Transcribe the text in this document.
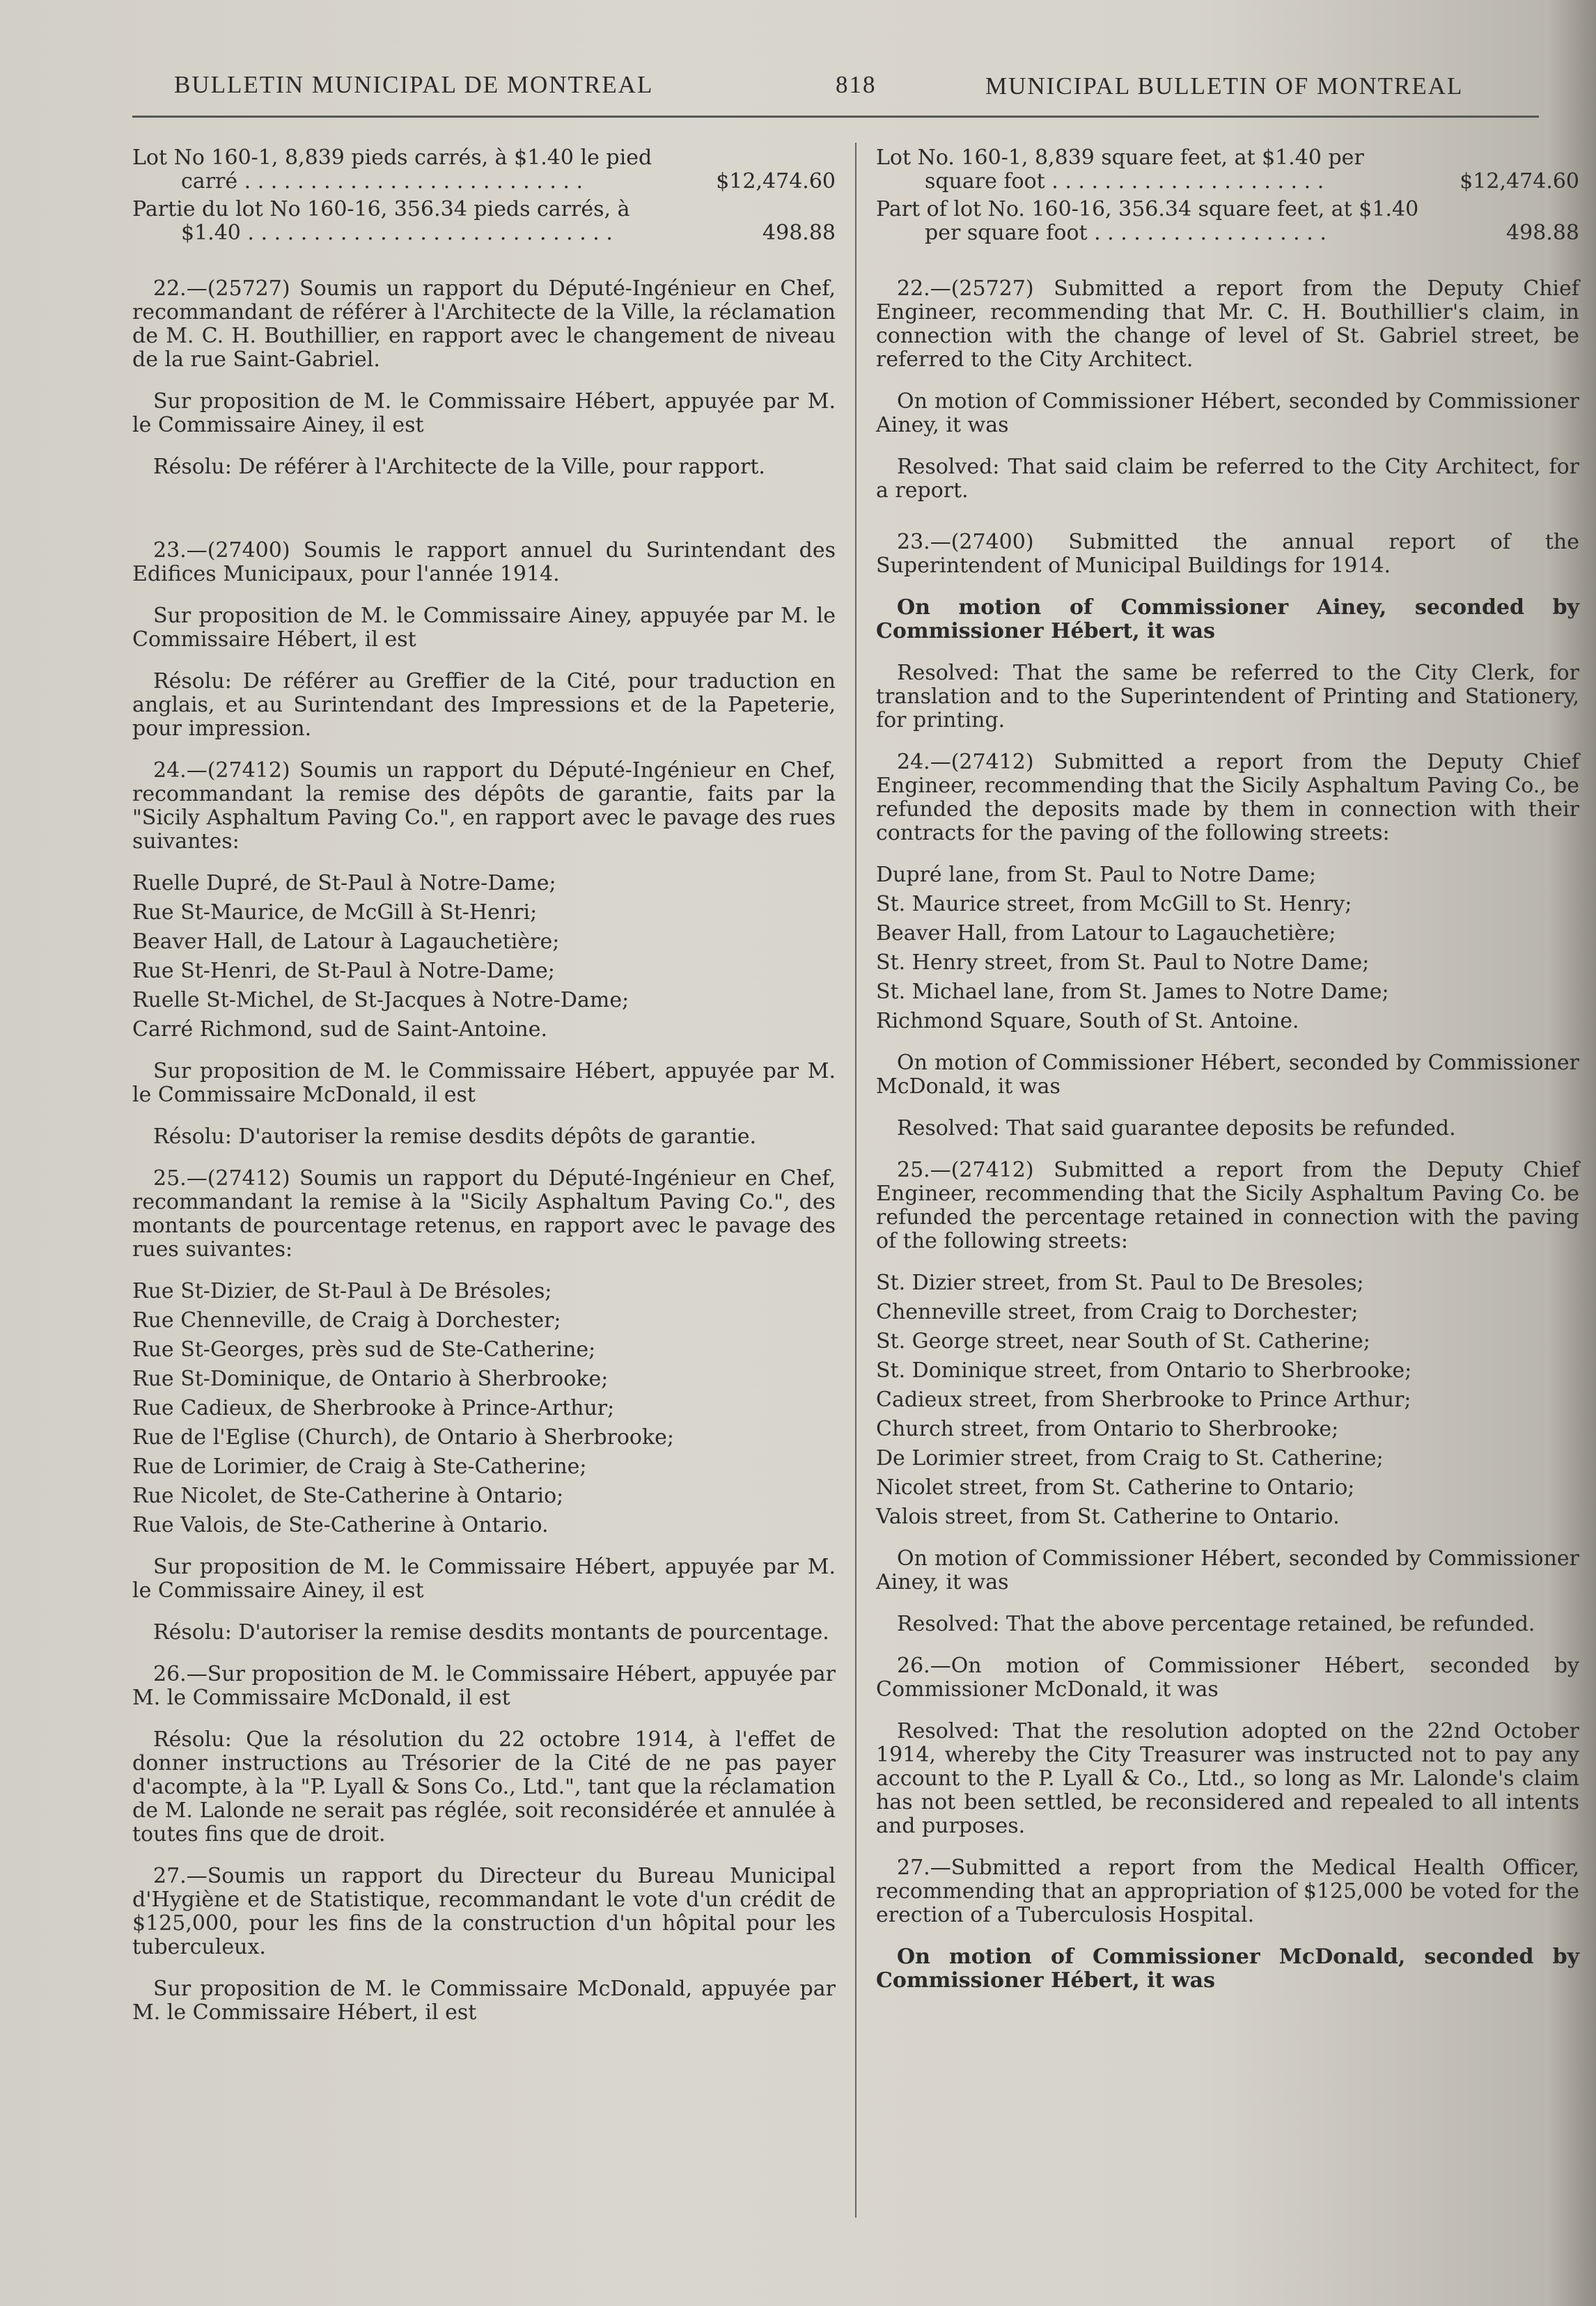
BULLETIN MUNICIPAL DE MONTREAL	818	MUNICIPAL BULLETIN OF MONTREAL
Lot No 160-1, 8,839 pieds carrés, à $1.40 le pied
carré . . . . . . . . . . . . . . . . . . . . . . . . . .	$12,474.60
Partie du lot No 160-16, 356.34 pieds carrés, à
$1.40 . . . . . . . . . . . . . . . . . . . . . . . . . . . .	498.88

22.—(25727) Soumis un rapport du Député-Ingénieur en Chef, recommandant de référer à l'Architecte de la Ville, la réclamation de M. C. H. Bouthillier, en rapport avec le changement de niveau de la rue Saint-Gabriel.

Sur proposition de M. le Commissaire Hébert, appuyée par M. le Commissaire Ainey, il est

Résolu: De référer à l'Architecte de la Ville, pour rapport.

23.—(27400) Soumis le rapport annuel du Surintendant des Edifices Municipaux, pour l'année 1914.

Sur proposition de M. le Commissaire Ainey, appuyée par M. le Commissaire Hébert, il est

Résolu: De référer au Greffier de la Cité, pour traduction en anglais, et au Surintendant des Impressions et de la Papeterie, pour impression.

24.—(27412) Soumis un rapport du Député-Ingénieur en Chef, recommandant la remise des dépôts de garantie, faits par la "Sicily Asphaltum Paving Co.", en rapport avec le pavage des rues suivantes:

Ruelle Dupré, de St-Paul à Notre-Dame;
Rue St-Maurice, de McGill à St-Henri;
Beaver Hall, de Latour à Lagauchetière;
Rue St-Henri, de St-Paul à Notre-Dame;
Ruelle St-Michel, de St-Jacques à Notre-Dame;
Carré Richmond, sud de Saint-Antoine.

Sur proposition de M. le Commissaire Hébert, appuyée par M. le Commissaire McDonald, il est

Résolu: D'autoriser la remise desdits dépôts de garantie.

25.—(27412) Soumis un rapport du Député-Ingénieur en Chef, recommandant la remise à la "Sicily Asphaltum Paving Co.", des montants de pourcentage retenus, en rapport avec le pavage des rues suivantes:

Rue St-Dizier, de St-Paul à De Brésoles;
Rue Chenneville, de Craig à Dorchester;
Rue St-Georges, près sud de Ste-Catherine;
Rue St-Dominique, de Ontario à Sherbrooke;
Rue Cadieux, de Sherbrooke à Prince-Arthur;
Rue de l'Eglise (Church), de Ontario à Sherbrooke;
Rue de Lorimier, de Craig à Ste-Catherine;
Rue Nicolet, de Ste-Catherine à Ontario;
Rue Valois, de Ste-Catherine à Ontario.

Sur proposition de M. le Commissaire Hébert, appuyée par M. le Commissaire Ainey, il est

Résolu: D'autoriser la remise desdits montants de pourcentage.

26.—Sur proposition de M. le Commissaire Hébert, appuyée par M. le Commissaire McDonald, il est

Résolu: Que la résolution du 22 octobre 1914, à l'effet de donner instructions au Trésorier de la Cité de ne pas payer d'acompte, à la "P. Lyall & Sons Co., Ltd.", tant que la réclamation de M. Lalonde ne serait pas réglée, soit reconsidérée et annulée à toutes fins que de droit.

27.—Soumis un rapport du Directeur du Bureau Municipal d'Hygiène et de Statistique, recommandant le vote d'un crédit de $125,000, pour les fins de la construction d'un hôpital pour les tuberculeux.

Sur proposition de M. le Commissaire McDonald, appuyée par M. le Commissaire Hébert, il est

Lot No. 160-1, 8,839 square feet, at $1.40 per
square foot . . . . . . . . . . . . . . . . . . . . .	$12,474.60
Part of lot No. 160-16, 356.34 square feet, at $1.40
per square foot . . . . . . . . . . . . . . . . . .	498.88

22.—(25727) Submitted a report from the Deputy Chief Engineer, recommending that Mr. C. H. Bouthillier's claim, in connection with the change of level of St. Gabriel street, be referred to the City Architect.

On motion of Commissioner Hébert, seconded by Commissioner Ainey, it was

Resolved: That said claim be referred to the City Architect, for a report.

23.—(27400) Submitted the annual report of the Superintendent of Municipal Buildings for 1914.

On motion of Commissioner Ainey, seconded by Commissioner Hébert, it was

Resolved: That the same be referred to the City Clerk, for translation and to the Superintendent of Printing and Stationery, for printing.

24.—(27412) Submitted a report from the Deputy Chief Engineer, recommending that the Sicily Asphaltum Paving Co., be refunded the deposits made by them in connection with their contracts for the paving of the following streets:

Dupré lane, from St. Paul to Notre Dame;
St. Maurice street, from McGill to St. Henry;
Beaver Hall, from Latour to Lagauchetière;
St. Henry street, from St. Paul to Notre Dame;
St. Michael lane, from St. James to Notre Dame;
Richmond Square, South of St. Antoine.

On motion of Commissioner Hébert, seconded by Commissioner McDonald, it was

Resolved: That said guarantee deposits be refunded.

25.—(27412) Submitted a report from the Deputy Chief Engineer, recommending that the Sicily Asphaltum Paving Co. be refunded the percentage retained in connection with the paving of the following streets:

St. Dizier street, from St. Paul to De Bresoles;
Chenneville street, from Craig to Dorchester;
St. George street, near South of St. Catherine;
St. Dominique street, from Ontario to Sherbrooke;
Cadieux street, from Sherbrooke to Prince Arthur;
Church street, from Ontario to Sherbrooke;
De Lorimier street, from Craig to St. Catherine;
Nicolet street, from St. Catherine to Ontario;
Valois street, from St. Catherine to Ontario.

On motion of Commissioner Hébert, seconded by Commissioner Ainey, it was

Resolved: That the above percentage retained, be refunded.

26.—On motion of Commissioner Hébert, seconded by Commissioner McDonald, it was

Resolved: That the resolution adopted on the 22nd October 1914, whereby the City Treasurer was instructed not to pay any account to the P. Lyall & Co., Ltd., so long as Mr. Lalonde's claim has not been settled, be reconsidered and repealed to all intents and purposes.

27.—Submitted a report from the Medical Health Officer, recommending that an appropriation of $125,000 be voted for the erection of a Tuberculosis Hospital.

On motion of Commissioner McDonald, seconded by Commissioner Hébert, it was
